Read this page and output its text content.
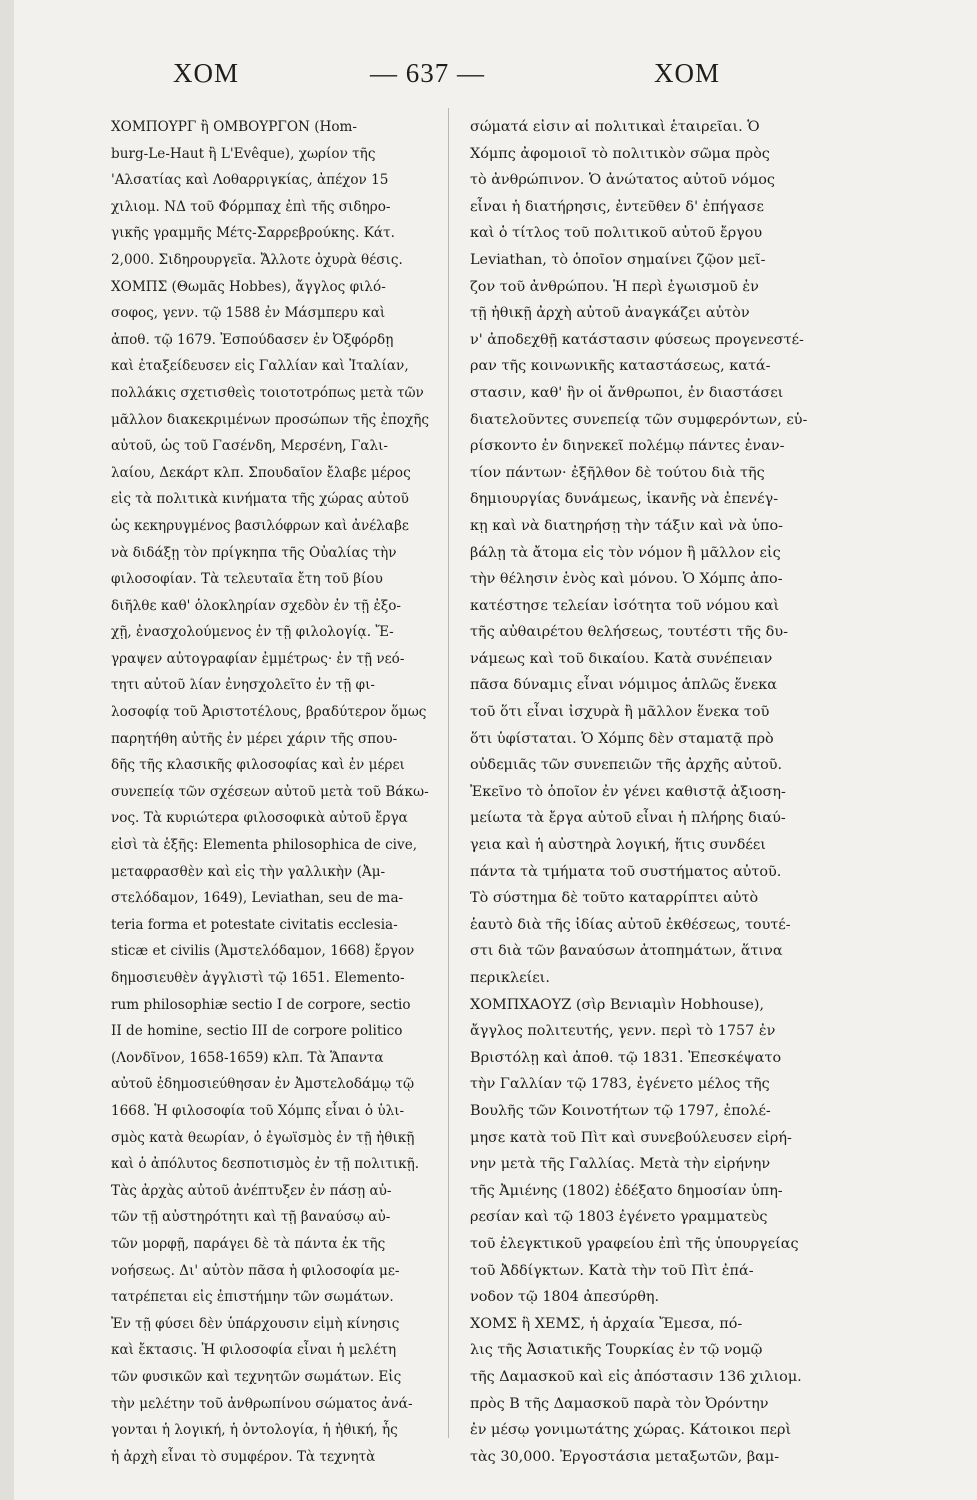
ΧΟΜ	— 637 —	ΧΟΜ
ΧΟΜΠΟΥΡΓ ἢ ΟΜΒΟΥΡΓΟΝ (Hom-
burg-Le-Haut ἢ L'Evêque), χωρίον τῆς
'Αλσατίας καὶ Λοθαρριγκίας, ἀπέχον 15
χιλιομ. ΝΔ τοῦ Φόρμπαχ ἐπὶ τῆς σιδηρο-
γικῆς γραμμῆς Μέτς-Σαρρεβρούκης. Κάτ.
2,000. Σιδηρουργεῖα. Ἄλλοτε ὀχυρὰ θέσις.
ΧΟΜΠΣ (Θωμᾶς Hobbes), ἄγγλος φιλό-
σοφος, γενν. τῷ 1588 ἐν Μάσμπερυ καὶ
ἀποθ. τῷ 1679. Ἐσπούδασεν ἐν Ὀξφόρδῃ
καὶ ἐταξείδευσεν εἰς Γαλλίαν καὶ Ἰταλίαν,
πολλάκις σχετισθεὶς τοιοτοτρόπως μετὰ τῶν
μᾶλλον διακεκριμένων προσώπων τῆς ἐποχῆς
αὐτοῦ, ὡς τοῦ Γασένδη, Μερσένη, Γαλι-
λαίου, Δεκάρτ κλπ. Σπουδαῖον ἔλαβε μέρος
εἰς τὰ πολιτικὰ κινήματα τῆς χώρας αὐτοῦ
ὡς κεκηρυγμένος βασιλόφρων καὶ ἀνέλαβε
νὰ διδάξῃ τὸν πρίγκηπα τῆς Οὐαλίας τὴν
φιλοσοφίαν. Τὰ τελευταῖα ἔτη τοῦ βίου
διῆλθε καθ' ὁλοκληρίαν σχεδὸν ἐν τῇ ἐξο-
χῇ, ἐνασχολούμενος ἐν τῇ φιλολογίᾳ. Ἔ-
γραψεν αὐτογραφίαν ἐμμέτρως· ἐν τῇ νεό-
τητι αὐτοῦ λίαν ἐνησχολεῖτο ἐν τῇ φι-
λοσοφίᾳ τοῦ Ἀριστοτέλους, βραδύτερον ὅμως
παρητήθη αὐτῆς ἐν μέρει χάριν τῆς σπου-
δῆς τῆς κλασικῆς φιλοσοφίας καὶ ἐν μέρει
συνεπείᾳ τῶν σχέσεων αὐτοῦ μετὰ τοῦ Βάκω-
νος. Τὰ κυριώτερα φιλοσοφικὰ αὐτοῦ ἔργα
εἰσὶ τὰ ἑξῆς: Elementa philosophica de cive,
μεταφρασθὲν καὶ εἰς τὴν γαλλικὴν (Ἀμ-
στελόδαμον, 1649), Leviathan, seu de ma-
teria forma et potestate civitatis ecclesia-
sticæ et civilis (Ἀμστελόδαμον, 1668) ἔργον
δημοσιευθὲν ἀγγλιστὶ τῷ 1651. Elemento-
rum philosophiæ sectio I de corpore, sectio
II de homine, sectio III de corpore politico
(Λονδῖνον, 1658-1659) κλπ. Τὰ Ἅπαντα
αὐτοῦ ἐδημοσιεύθησαν ἐν Ἀμστελοδάμῳ τῷ
1668. Ἡ φιλοσοφία τοῦ Χόμπς εἶναι ὁ ὑλι-
σμὸς κατὰ θεωρίαν, ὁ ἐγωϊσμὸς ἐν τῇ ἠθικῇ
καὶ ὁ ἀπόλυτος δεσποτισμὸς ἐν τῇ πολιτικῇ.
Τὰς ἀρχὰς αὐτοῦ ἀνέπτυξεν ἐν πάσῃ αὐ-
τῶν τῇ αὐστηρότητι καὶ τῇ βαναύσῳ αὐ-
τῶν μορφῇ, παράγει δὲ τὰ πάντα ἐκ τῆς
νοήσεως. Δι' αὐτὸν πᾶσα ἡ φιλοσοφία με-
τατρέπεται εἰς ἐπιστήμην τῶν σωμάτων.
Ἐν τῇ φύσει δὲν ὑπάρχουσιν εἰμὴ κίνησις
καὶ ἔκτασις. Ἡ φιλοσοφία εἶναι ἡ μελέτη
τῶν φυσικῶν καὶ τεχνητῶν σωμάτων. Εἰς
τὴν μελέτην τοῦ ἀνθρωπίνου σώματος ἀνά-
γονται ἡ λογική, ἡ ὀντολογία, ἡ ἠθική, ἧς
ἡ ἀρχὴ εἶναι τὸ συμφέρον. Τὰ τεχνητὰ
σώματά εἰσιν αἱ πολιτικαὶ ἑταιρεῖαι. Ὁ
Χόμπς ἀφομοιοῖ τὸ πολιτικὸν σῶμα πρὸς
τὸ ἀνθρώπινον. Ὁ ἀνώτατος αὐτοῦ νόμος
εἶναι ἡ διατήρησις, ἐντεῦθεν δ' ἐπήγασε
καὶ ὁ τίτλος τοῦ πολιτικοῦ αὐτοῦ ἔργου
Leviathan, τὸ ὁποῖον σημαίνει ζῷον μεῖ-
ζον τοῦ ἀνθρώπου. Ἡ περὶ ἐγωισμοῦ ἐν
τῇ ἠθικῇ ἀρχὴ αὐτοῦ ἀναγκάζει αὐτὸν
ν' ἀποδεχθῇ κατάστασιν φύσεως προγενεστέ-
ραν τῆς κοινωνικῆς καταστάσεως, κατά-
στασιν, καθ' ἣν οἱ ἄνθρωποι, ἐν διαστάσει
διατελοῦντες συνεπείᾳ τῶν συμφερόντων, εὑ-
ρίσκοντο ἐν διηνεκεῖ πολέμῳ πάντες ἐναν-
τίον πάντων· ἐξῆλθον δὲ τούτου διὰ τῆς
δημιουργίας δυνάμεως, ἱκανῆς νὰ ἐπενέγ-
κῃ καὶ νὰ διατηρήσῃ τὴν τάξιν καὶ νὰ ὑπο-
βάλῃ τὰ ἄτομα εἰς τὸν νόμον ἢ μᾶλλον εἰς
τὴν θέλησιν ἑνὸς καὶ μόνου. Ὁ Χόμπς ἀπο-
κατέστησε τελείαν ἰσότητα τοῦ νόμου καὶ
τῆς αὐθαιρέτου θελήσεως, τουτέστι τῆς δυ-
νάμεως καὶ τοῦ δικαίου. Κατὰ συνέπειαν
πᾶσα δύναμις εἶναι νόμιμος ἁπλῶς ἕνεκα
τοῦ ὅτι εἶναι ἰσχυρὰ ἢ μᾶλλον ἕνεκα τοῦ
ὅτι ὑφίσταται. Ὁ Χόμπς δὲν σταματᾷ πρὸ
οὐδεμιᾶς τῶν συνεπειῶν τῆς ἀρχῆς αὐτοῦ.
Ἐκεῖνο τὸ ὁποῖον ἐν γένει καθιστᾷ ἀξιοση-
μείωτα τὰ ἔργα αὐτοῦ εἶναι ἡ πλήρης διαύ-
γεια καὶ ἡ αὐστηρὰ λογική, ἥτις συνδέει
πάντα τὰ τμήματα τοῦ συστήματος αὐτοῦ.
Τὸ σύστημα δὲ τοῦτο καταρρίπτει αὐτὸ
ἑαυτὸ διὰ τῆς ἰδίας αὐτοῦ ἐκθέσεως, τουτέ-
στι διὰ τῶν βαναύσων ἀτοπημάτων, ἅτινα
περικλείει.
ΧΟΜΠΧΑΟΥΖ (σὶρ Βενιαμὶν Hobhouse),
ἄγγλος πολιτευτής, γενν. περὶ τὸ 1757 ἐν
Βριστόλῃ καὶ ἀποθ. τῷ 1831. Ἐπεσκέψατο
τὴν Γαλλίαν τῷ 1783, ἐγένετο μέλος τῆς
Βουλῆς τῶν Κοινοτήτων τῷ 1797, ἐπολέ-
μησε κατὰ τοῦ Πὶτ καὶ συνεβούλευσεν εἰρή-
νην μετὰ τῆς Γαλλίας. Μετὰ τὴν εἰρήνην
τῆς Ἀμιένης (1802) ἐδέξατο δημοσίαν ὑπη-
ρεσίαν καὶ τῷ 1803 ἐγένετο γραμματεὺς
τοῦ ἐλεγκτικοῦ γραφείου ἐπὶ τῆς ὑπουργείας
τοῦ Ἀδδίγκτων. Κατὰ τὴν τοῦ Πὶτ ἐπά-
νοδον τῷ 1804 ἀπεσύρθη.
ΧΟΜΣ ἢ ΧΕΜΣ, ἡ ἀρχαία Ἔμεσα, πό-
λις τῆς Ἀσιατικῆς Τουρκίας ἐν τῷ νομῷ
τῆς Δαμασκοῦ καὶ εἰς ἀπόστασιν 136 χιλιομ.
πρὸς Β τῆς Δαμασκοῦ παρὰ τὸν Ὀρόντην
ἐν μέσῳ γονιμωτάτης χώρας. Κάτοικοι περὶ
τὰς 30,000. Ἐργοστάσια μεταξωτῶν, βαμ-
